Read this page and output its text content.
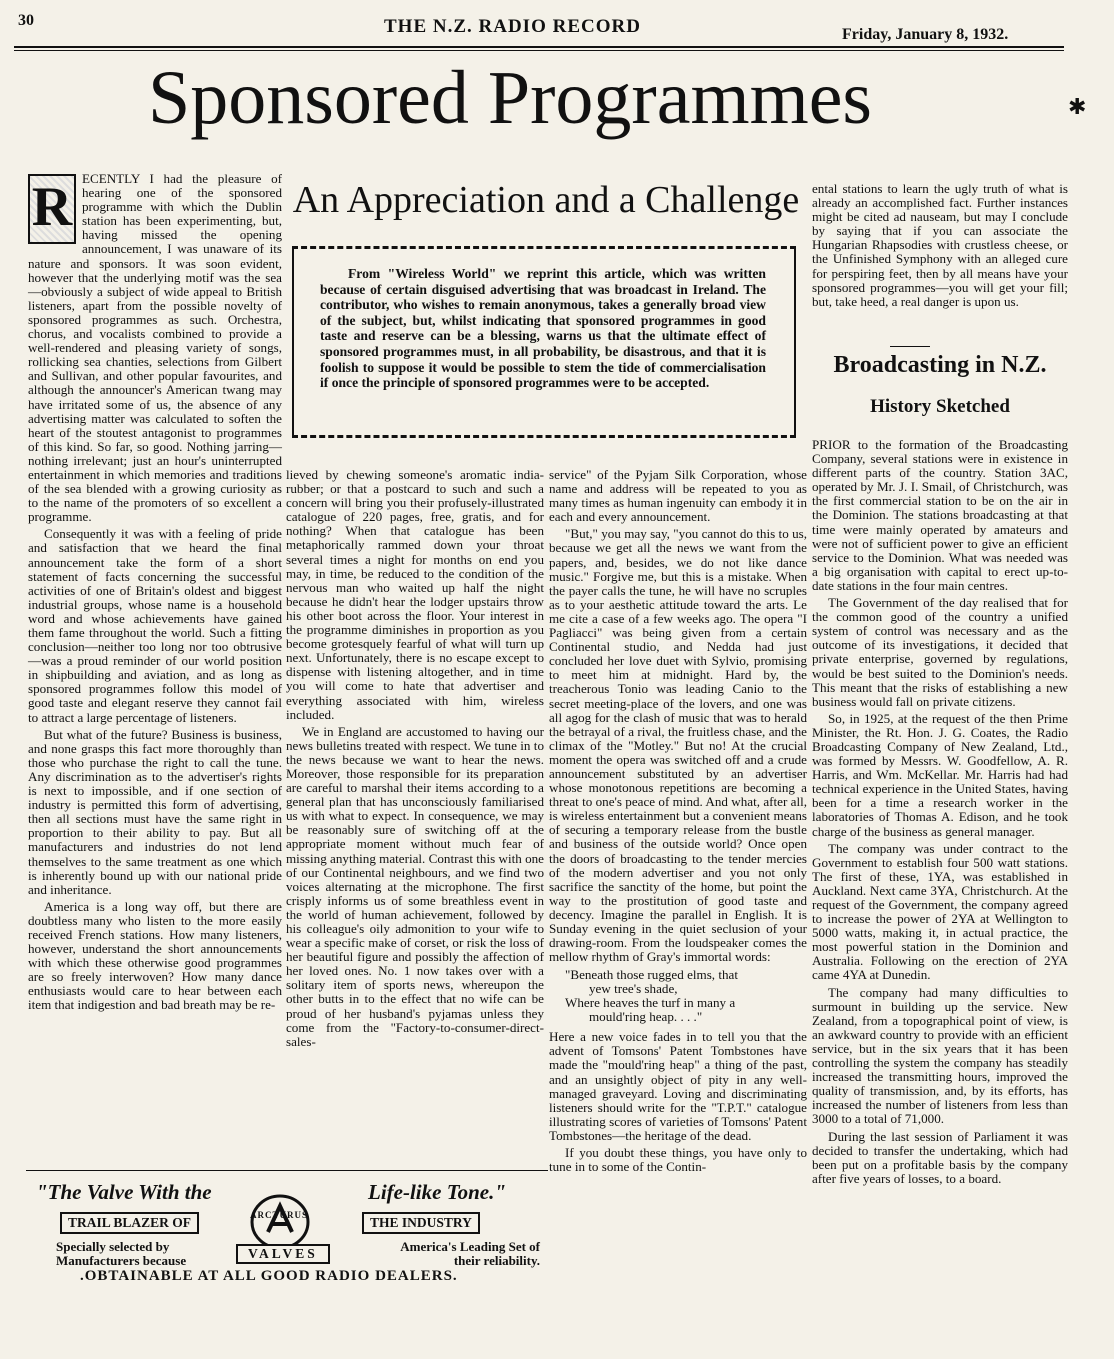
30	THE N.Z. RADIO RECORD	Friday, January 8, 1932.
Sponsored Programmes
An Appreciation and a Challenge
From "Wireless World" we reprint this article, which was written because of certain disguised advertising that was broadcast in Ireland. The contributor, who wishes to remain anonymous, takes a generally broad view of the subject, but, whilst indicating that sponsored programmes in good taste and reserve can be a blessing, warns us that the ultimate effect of sponsored programmes must, in all probability, be disastrous, and that it is foolish to suppose it would be possible to stem the tide of commercialisation if once the principle of sponsored programmes were to be accepted.
R ECENTLY I had the pleasure of hearing one of the sponsored programme with which the Dublin station has been experimenting, but, having missed the opening announcement, I was unaware of its nature and sponsors. It was soon evident, however that the underlying motif was the sea—obviously a subject of wide appeal to British listeners, apart from the possible novelty of sponsored programmes as such. Orchestra, chorus, and vocalists combined to provide a well-rendered and pleasing variety of songs, rollicking sea chanties, selections from Gilbert and Sullivan, and other popular favourites, and although the announcer's American twang may have irritated some of us, the absence of any advertising matter was calculated to soften the heart of the stoutest antagonist to programmes of this kind. So far, so good. Nothing jarring—nothing irrelevant; just an hour's uninterrupted entertainment in which memories and traditions of the sea blended with a growing curiosity as to the name of the promoters of so excellent a programme.

Consequently it was with a feeling of pride and satisfaction that we heard the final announcement take the form of a short statement of facts concerning the successful activities of one of Britain's oldest and biggest industrial groups, whose name is a household word and whose achievements have gained them fame throughout the world. Such a fitting conclusion—neither too long nor too obtrusive—was a proud reminder of our world position in shipbuilding and aviation, and as long as sponsored programmes follow this model of good taste and elegant reserve they cannot fail to attract a large percentage of listeners.

But what of the future? Business is business, and none grasps this fact more thoroughly than those who purchase the right to call the tune. Any discrimination as to the advertiser's rights is next to impossible, and if one section of industry is permitted this form of advertising, then all sections must have the same right in proportion to their ability to pay. But all manufacturers and industries do not lend themselves to the same treatment as one which is inherently bound up with our national pride and inheritance.

America is a long way off, but there are doubtless many who listen to the more easily received French stations. How many listeners, however, understand the short announcements with which these otherwise good programmes are so freely interwoven? How many dance enthusiasts would care to hear between each item that indigestion and bad breath may be re-

lieved by chewing someone's aromatic india-rubber; or that a postcard to such and such a concern will bring you their profusely-illustrated catalogue of 220 pages, free, gratis, and for nothing? When that catalogue has been metaphorically rammed down your throat several times a night for months on end you may, in time, be reduced to the condition of the nervous man who waited up half the night because he didn't hear the lodger upstairs throw his other boot across the floor. Your interest in the programme diminishes in proportion as you become grotesquely fearful of what will turn up next. Unfortunately, there is no escape except to dispense with listening altogether, and in time you will come to hate that advertiser and everything associated with him, wireless included.

We in England are accustomed to having our news bulletins treated with respect. We tune in to the news because we want to hear the news. Moreover, those responsible for its preparation are careful to marshal their items according to a general plan that has unconsciously familiarised us with what to expect. In consequence, we may be reasonably sure of switching off at the appropriate moment without much fear of missing anything material. Contrast this with one of our Continental neighbours, and we find two voices alternating at the microphone. The first crisply informs us of some breathless event in the world of human achievement, followed by his colleague's oily admonition to your wife to wear a specific make of corset, or risk the loss of her beautiful figure and possibly the affection of her loved ones. No. 1 now takes over with a solitary item of sports news, whereupon the other butts in to the effect that no wife can be proud of her husband's pyjamas unless they come from the "Factory-to-consumer-direct-sales-

service" of the Pyjam Silk Corporation, whose name and address will be repeated to you as many times as human ingenuity can embody it in each and every announcement.

"But," you may say, "you cannot do this to us, because we get all the news we want from the papers, and, besides, we do not like dance music." Forgive me, but this is a mistake. When the payer calls the tune, he will have no scruples as to your aesthetic attitude toward the arts. Le me cite a case of a few weeks ago. The opera "I Pagliacci" was being given from a certain Continental studio, and Nedda had just concluded her love duet with Sylvio, promising to meet him at midnight. Hard by, the treacherous Tonio was leading Canio to the secret meeting-place of the lovers, and one was all agog for the clash of music that was to herald the betrayal of a rival, the fruitless chase, and the climax of the "Motley." But no! At the crucial moment the opera was switched off and a crude announcement substituted by an advertiser whose monotonous repetitions are becoming a threat to one's peace of mind. And what, after all, is wireless entertainment but a convenient means of securing a temporary release from the bustle and business of the outside world? Once open the doors of broadcasting to the tender mercies of the modern advertiser and you not only sacrifice the sanctity of the home, but point the way to the prostitution of good taste and decency. Imagine the parallel in English. It is Sunday evening in the quiet seclusion of your drawing-room. From the loudspeaker comes the mellow rhythm of Gray's immortal words:

"Beneath those rugged elms, that
yew tree's shade,
Where heaves the turf in many a
mould'ring heap. . . ."

Here a new voice fades in to tell you that the advent of Tomsons' Patent Tombstones have made the "mould'ring heap" a thing of the past, and an unsightly object of pity in any well-managed graveyard. Loving and discriminating listeners should write for the "T.P.T." catalogue illustrating scores of varieties of Tomsons' Patent Tombstones—the heritage of the dead.

If you doubt these things, you have only to tune in to some of the Contin-

ental stations to learn the ugly truth of what is already an accomplished fact. Further instances might be cited ad nauseam, but may I conclude by saying that if you can associate the Hungarian Rhapsodies with crustless cheese, or the Unfinished Symphony with an alleged cure for perspiring feet, then by all means have your sponsored programmes—you will get your fill; but, take heed, a real danger is upon us.

Broadcasting in N.Z.
History Sketched

PRIOR to the formation of the Broadcasting Company, several stations were in existence in different parts of the country. Station 3AC, operated by Mr. J. I. Smail, of Christchurch, was the first commercial station to be on the air in the Dominion. The stations broadcasting at that time were mainly operated by amateurs and were not of sufficient power to give an efficient service to the Dominion. What was needed was a big organisation with capital to erect up-to-date stations in the four main centres.

The Government of the day realised that for the common good of the country a unified system of control was necessary and as the outcome of its investigations, it decided that private enterprise, governed by regulations, would be best suited to the Dominion's needs. This meant that the risks of establishing a new business would fall on private citizens.

So, in 1925, at the request of the then Prime Minister, the Rt. Hon. J. G. Coates, the Radio Broadcasting Company of New Zealand, Ltd., was formed by Messrs. W. Goodfellow, A. R. Harris, and Wm. McKellar. Mr. Harris had had technical experience in the United States, having been for a time a research worker in the laboratories of Thomas A. Edison, and he took charge of the business as general manager.

The company was under contract to the Government to establish four 500 watt stations. The first of these, 1YA, was established in Auckland. Next came 3YA, Christchurch. At the request of the Government, the company agreed to increase the power of 2YA at Wellington to 5000 watts, making it, in actual practice, the most powerful station in the Dominion and Australia. Following on the erection of 2YA came 4YA at Dunedin.

The company had many difficulties to surmount in building up the service. New Zealand, from a topographical point of view, is an awkward country to provide with an efficient service, but in the six years that it has been controlling the system the company has steadily increased the transmitting hours, improved the quality of transmission, and, by its efforts, has increased the number of listeners from less than 3000 to a total of 71,000.

During the last session of Parliament it was decided to transfer the undertaking, which had been put on a profitable basis by the company after five years of losses, to a board.

"The Valve With the	Life-like Tone."
TRAIL BLAZER OF	THE INDUSTRY
ARCTURUS
VALVES
Specially selected by Manufacturers because
America's Leading Set of their reliability.
.OBTAINABLE AT ALL GOOD RADIO DEALERS.
✱
